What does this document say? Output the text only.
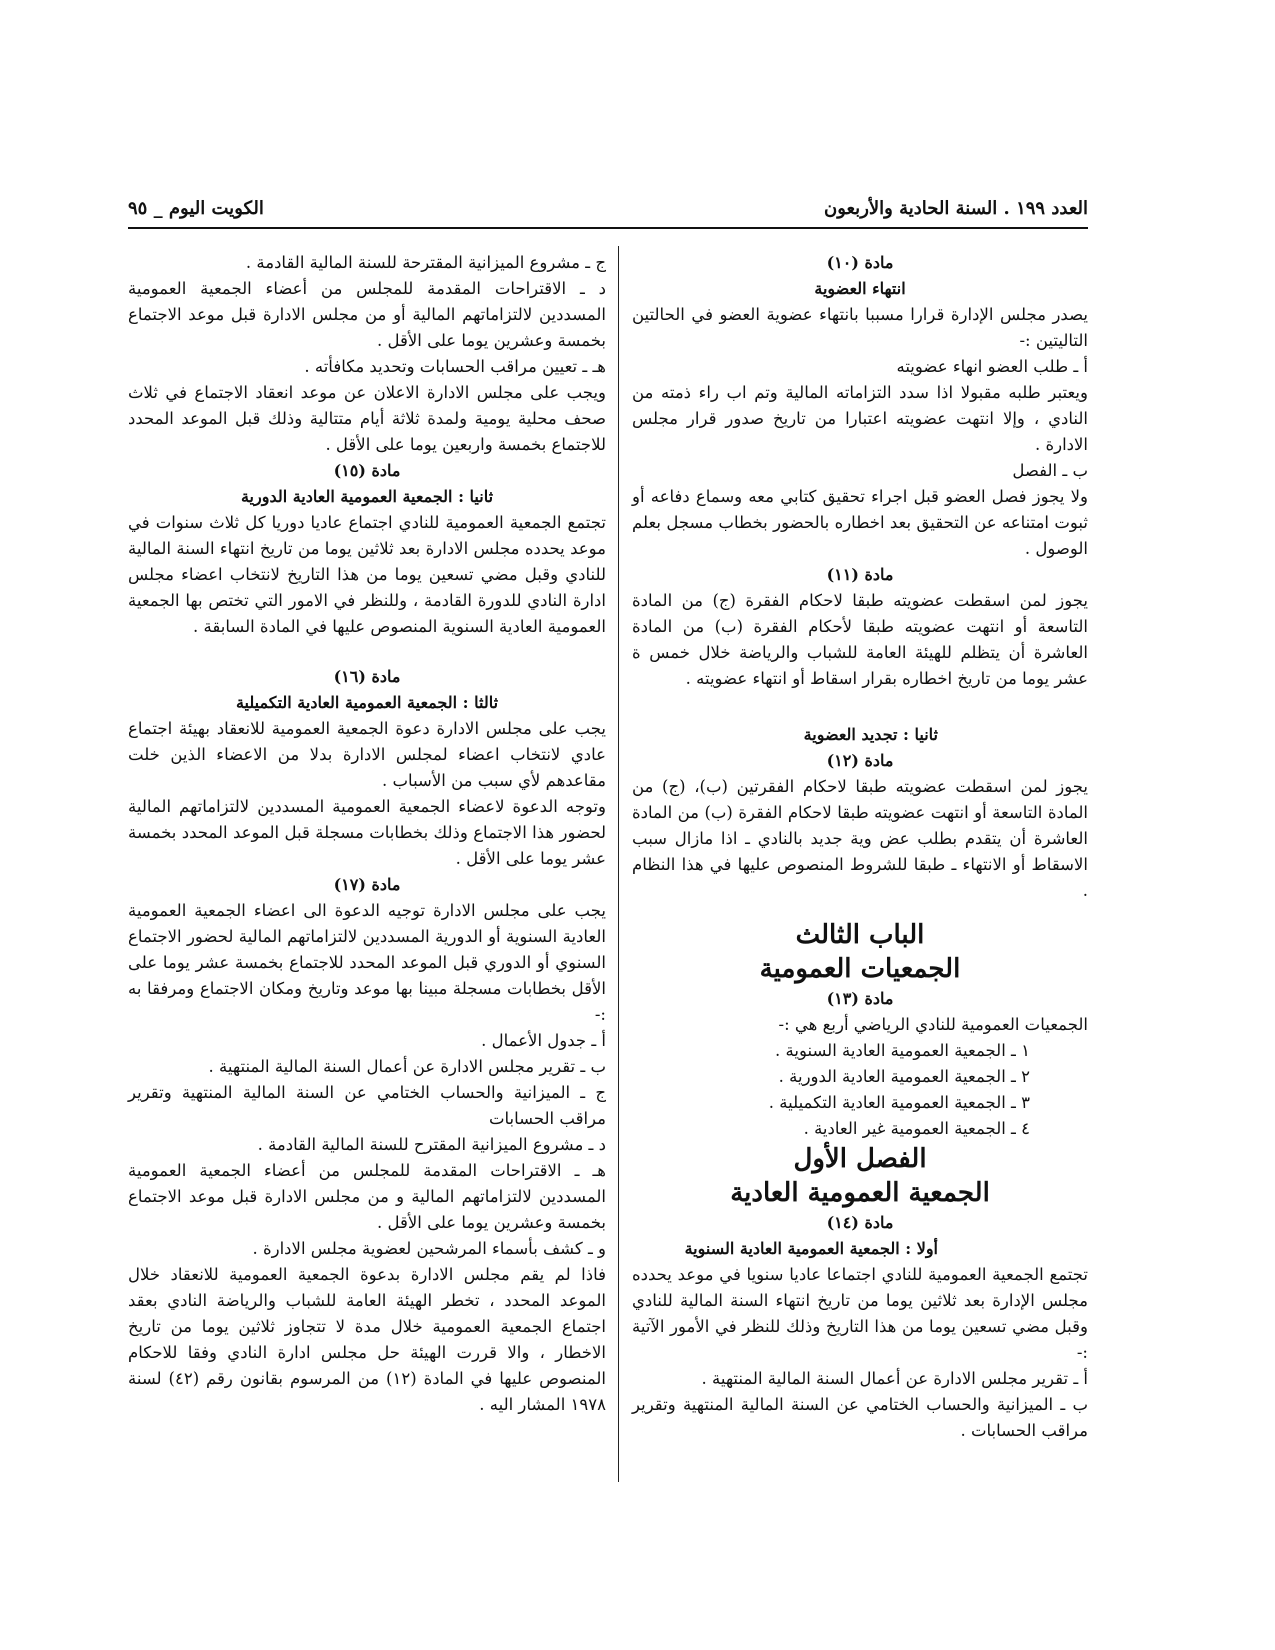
الكويت اليوم _ ٩٥	العدد ١٩٩ . السنة الحادية والأربعون
مادة (١٠)
انتهاء العضوية

يصدر مجلس الإدارة قرارا مسببا بانتهاء عضوية العضو في الحالتين التاليتين :-

أ ـ طلب العضو انهاء عضويته

ويعتبر طلبه مقبولا اذا سدد التزاماته المالية وتم اب راء ذمته من النادي ، وإلا انتهت عضويته اعتبارا من تاريخ صدور قرار مجلس الادارة .

ب ـ الفصل

ولا يجوز فصل العضو قبل اجراء تحقيق كتابي معه وسماع دفاعه أو ثبوت امتناعه عن التحقيق بعد اخطاره بالحضور بخطاب مسجل بعلم الوصول .

مادة (١١)

يجوز لمن اسقطت عضويته طبقا لاحكام الفقرة (ج) من المادة التاسعة أو انتهت عضويته طبقا لأحكام الفقرة (ب) من المادة العاشرة أن يتظلم للهيئة العامة للشباب والرياضة خلال خمس ة عشر يوما من تاريخ اخطاره بقرار اسقاط أو انتهاء عضويته .

ثانيا : تجديد العضوية
مادة (١٢)

يجوز لمن اسقطت عضويته طبقا لاحكام الفقرتين (ب)، (ج) من المادة التاسعة أو انتهت عضويته طبقا لاحكام الفقرة (ب) من المادة العاشرة أن يتقدم بطلب عض وية جديد بالنادي ـ اذا مازال سبب الاسقاط أو الانتهاء ـ طبقا للشروط المنصوص عليها في هذا النظام .

الباب الثالث
الجمعيات العمومية
مادة (١٣)

الجمعيات العمومية للنادي الرياضي أربع هي :-

١ ـ الجمعية العمومية العادية السنوية .

٢ ـ الجمعية العمومية العادية الدورية .

٣ ـ الجمعية العمومية العادية التكميلية .

٤ ـ الجمعية العمومية غير العادية .

الفصل الأول
الجمعية العمومية العادية
مادة (١٤)
أولا : الجمعية العمومية العادية السنوية

تجتمع الجمعية العمومية للنادي اجتماعا عاديا سنويا في موعد يحدده مجلس الإدارة بعد ثلاثين يوما من تاريخ انتهاء السنة المالية للنادي وقبل مضي تسعين يوما من هذا التاريخ وذلك للنظر في الأمور الآتية :-

أ ـ تقرير مجلس الادارة عن أعمال السنة المالية المنتهية .

ب ـ الميزانية والحساب الختامي عن السنة المالية المنتهية وتقرير مراقب الحسابات .

ج ـ مشروع الميزانية المقترحة للسنة المالية القادمة .

د ـ الاقتراحات المقدمة للمجلس من أعضاء الجمعية العمومية المسددين لالتزاماتهم المالية أو من مجلس الادارة قبل موعد الاجتماع بخمسة وعشرين يوما على الأقل .

هـ ـ تعيين مراقب الحسابات وتحديد مكافأته .

ويجب على مجلس الادارة الاعلان عن موعد انعقاد الاجتماع في ثلاث صحف محلية يومية ولمدة ثلاثة أيام متتالية وذلك قبل الموعد المحدد للاجتماع بخمسة واربعين يوما على الأقل .

مادة (١٥)
ثانيا : الجمعية العمومية العادية الدورية

تجتمع الجمعية العمومية للنادي اجتماع عاديا دوريا كل ثلاث سنوات في موعد يحدده مجلس الادارة بعد ثلاثين يوما من تاريخ انتهاء السنة المالية للنادي وقبل مضي تسعين يوما من هذا التاريخ لانتخاب اعضاء مجلس ادارة النادي للدورة القادمة ، وللنظر في الامور التي تختص بها الجمعية العمومية العادية السنوية المنصوص عليها في المادة السابقة .

مادة (١٦)
ثالثا : الجمعية العمومية العادية التكميلية

يجب على مجلس الادارة دعوة الجمعية العمومية للانعقاد بهيئة اجتماع عادي لانتخاب اعضاء لمجلس الادارة بدلا من الاعضاء الذين خلت مقاعدهم لأي سبب من الأسباب .

وتوجه الدعوة لاعضاء الجمعية العمومية المسددين لالتزاماتهم المالية لحضور هذا الاجتماع وذلك بخطابات مسجلة قبل الموعد المحدد بخمسة عشر يوما على الأقل .

مادة (١٧)

يجب على مجلس الادارة توجيه الدعوة الى اعضاء الجمعية العمومية العادية السنوية أو الدورية المسددين لالتزاماتهم المالية لحضور الاجتماع السنوي أو الدوري قبل الموعد المحدد للاجتماع بخمسة عشر يوما على الأقل بخطابات مسجلة مبينا بها موعد وتاريخ ومكان الاجتماع ومرفقا به :-

أ ـ جدول الأعمال .

ب ـ تقرير مجلس الادارة عن أعمال السنة المالية المنتهية .

ج ـ الميزانية والحساب الختامي عن السنة المالية المنتهية وتقرير مراقب الحسابات

د ـ مشروع الميزانية المقترح للسنة المالية القادمة .

هـ ـ الاقتراحات المقدمة للمجلس من أعضاء الجمعية العمومية المسددين لالتزاماتهم المالية و من مجلس الادارة قبل موعد الاجتماع بخمسة وعشرين يوما على الأقل .

و ـ كشف بأسماء المرشحين لعضوية مجلس الادارة .

فاذا لم يقم مجلس الادارة بدعوة الجمعية العمومية للانعقاد خلال الموعد المحدد ، تخطر الهيئة العامة للشباب والرياضة النادي بعقد اجتماع الجمعية العمومية خلال مدة لا تتجاوز ثلاثين يوما من تاريخ الاخطار ، والا قررت الهيئة حل مجلس ادارة النادي وفقا للاحكام المنصوص عليها في المادة (١٢) من المرسوم بقانون رقم (٤٢) لسنة ١٩٧٨ المشار اليه .
